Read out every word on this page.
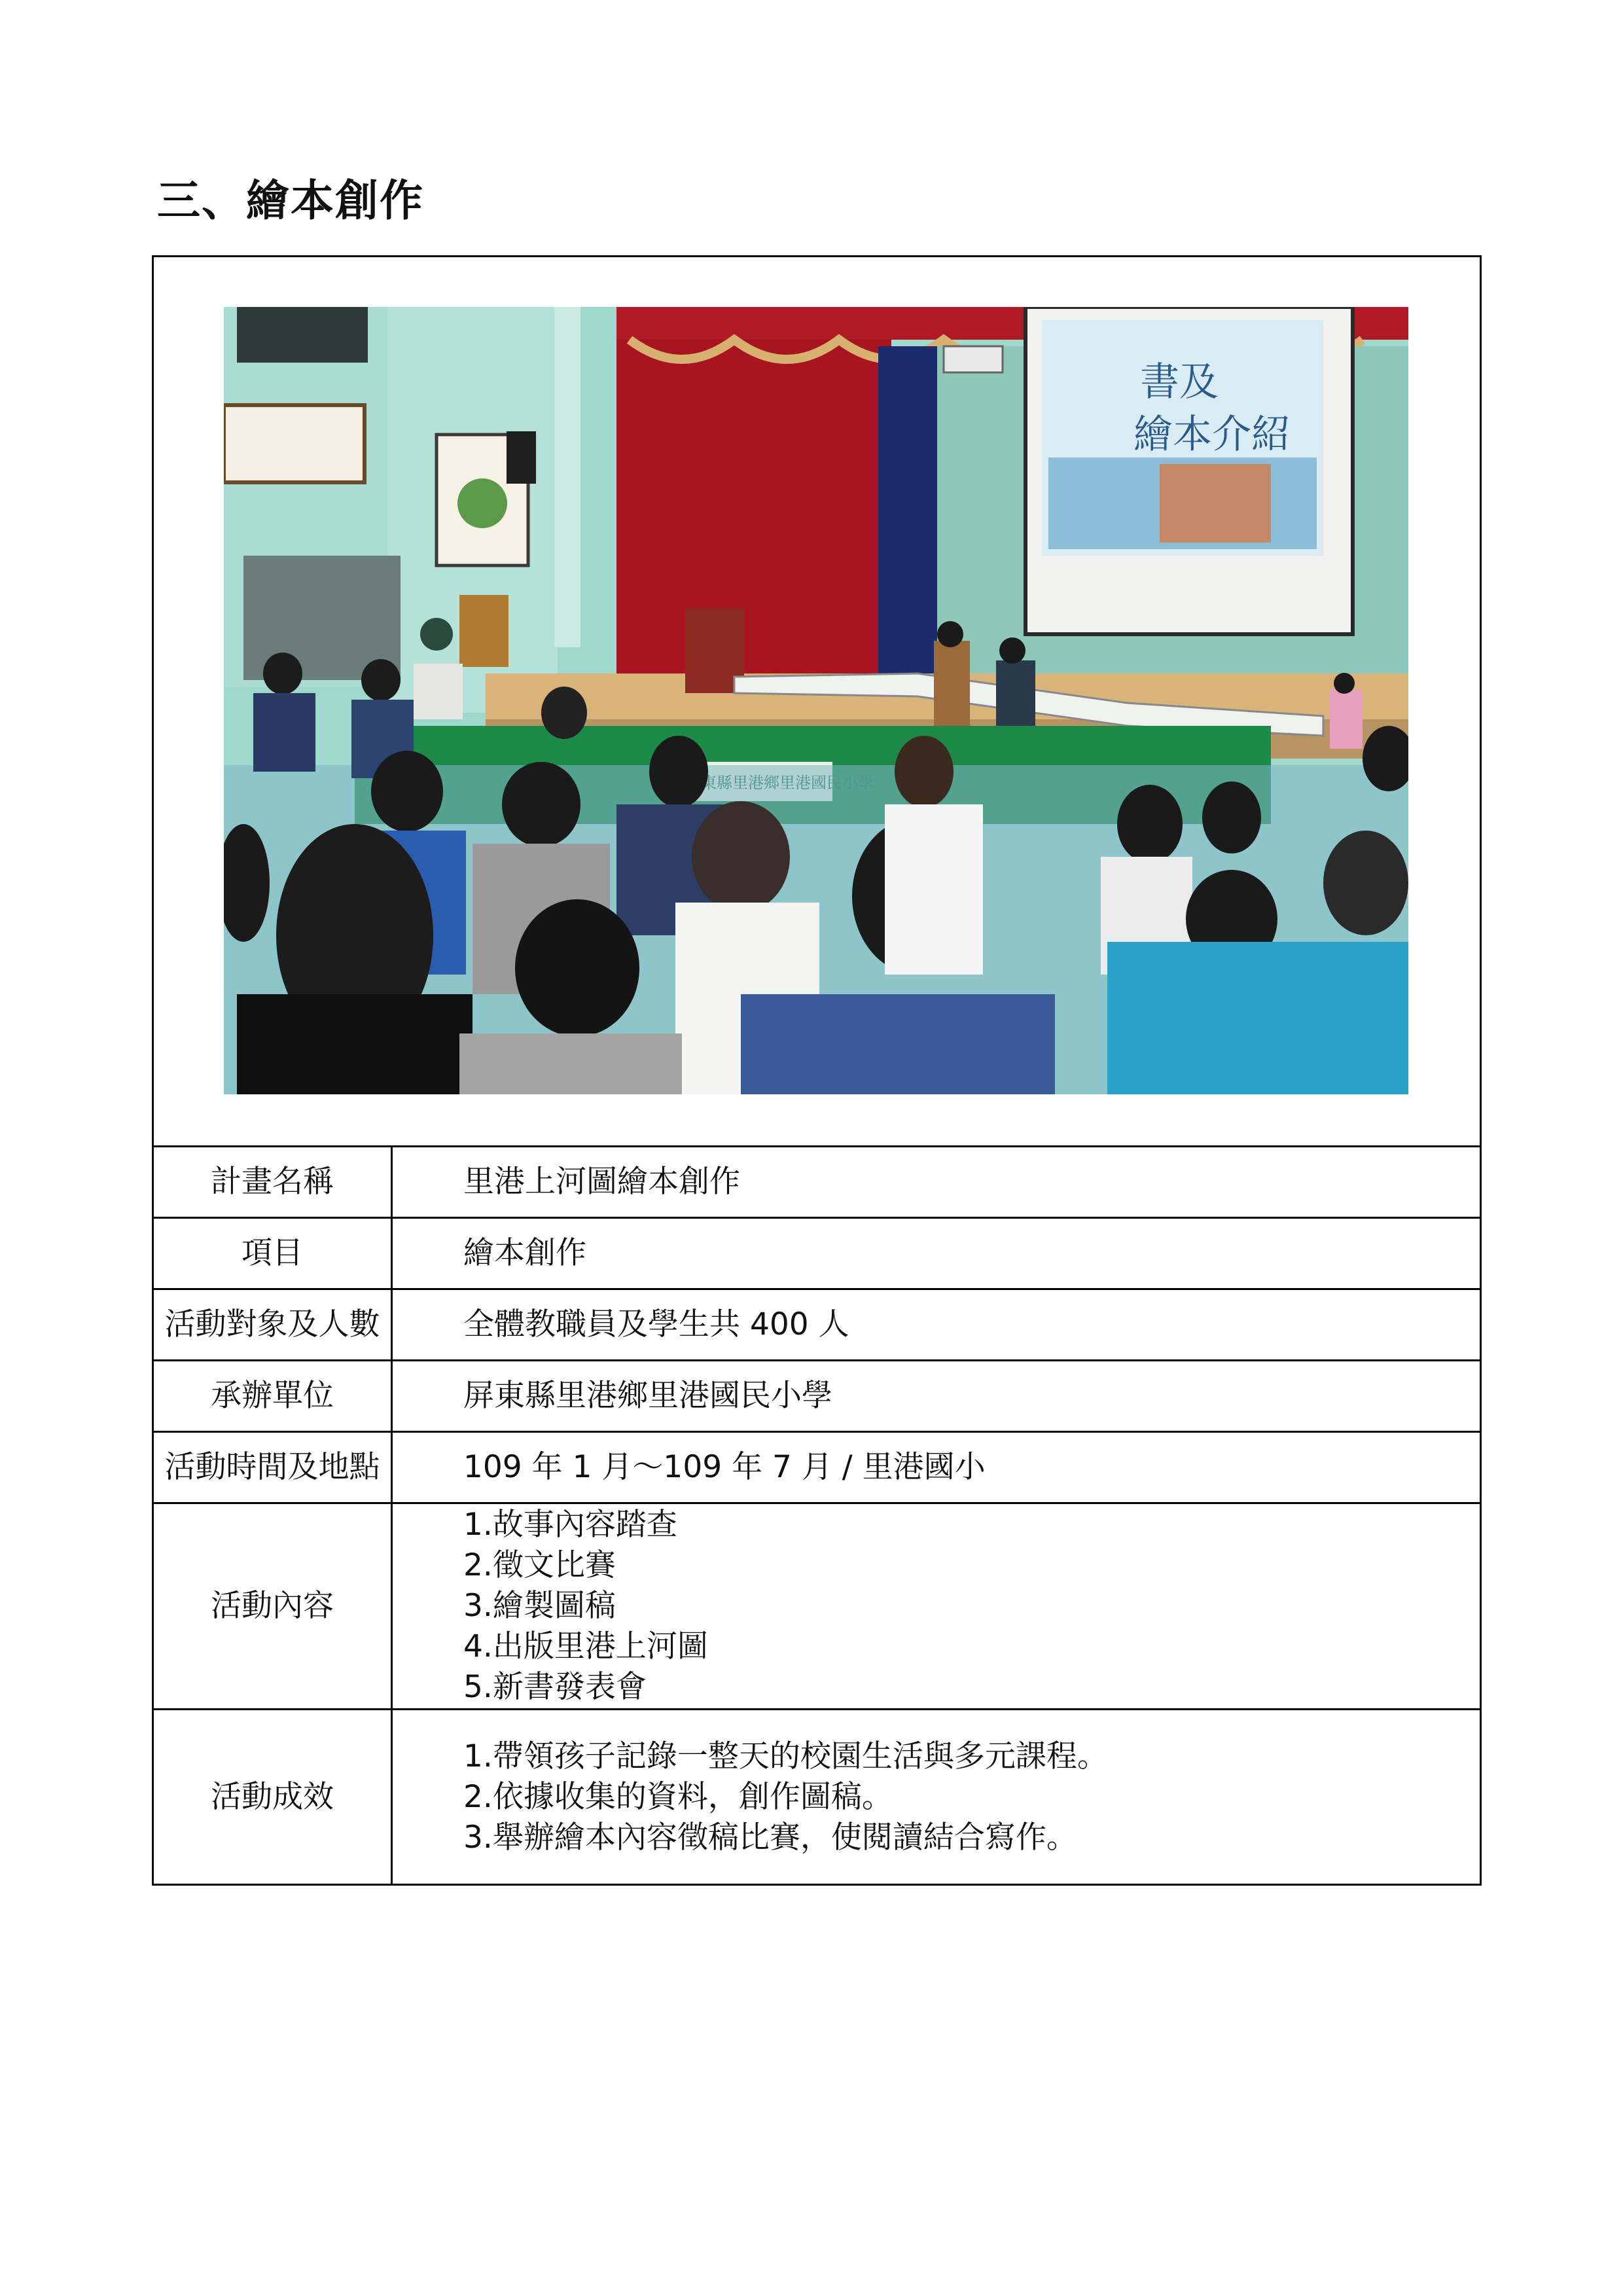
三、繪本創作
書及
繪本介紹
計畫名稱	里港上河圖繪本創作
項目	繪本創作
活動對象及人數	全體教職員及學生共 400 人
承辦單位	屏東縣里港鄉里港國民小學
活動時間及地點	109 年 1 月～109 年 7 月 / 里港國小
活動內容	1.故事內容踏查
2.徵文比賽
3.繪製圖稿
4.出版里港上河圖
5.新書發表會

活動成效	1.帶領孩子記錄一整天的校園生活與多元課程。
2.依據收集的資料，創作圖稿。
3.舉辦繪本內容徵稿比賽，使閱讀結合寫作。
